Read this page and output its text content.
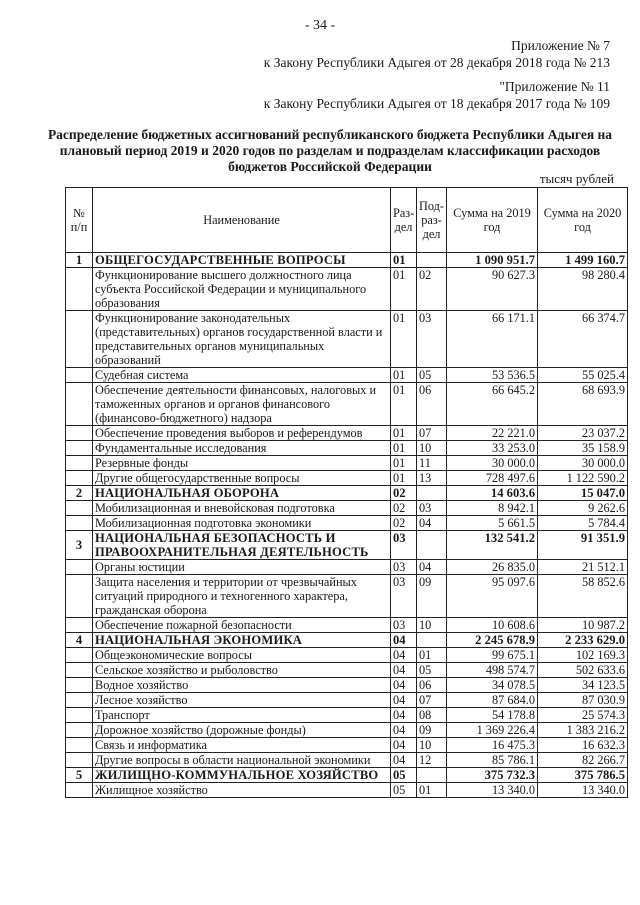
- 34 -
Приложение № 7
к Закону Республики Адыгея от 28 декабря 2018 года № 213
"Приложение № 11
к Закону Республики Адыгея от 18 декабря 2017 года № 109
Распределение бюджетных ассигнований республиканского бюджета Республики Адыгея на плановый период 2019 и 2020 годов по разделам и подразделам классификации расходов бюджетов Российской Федерации
тысяч рублей
№ п/п	Наименование	Раз-дел	Под-раз-дел	Сумма на 2019 год	Сумма на 2020 год
1	ОБЩЕГОСУДАРСТВЕННЫЕ ВОПРОСЫ	01		1 090 951.7	1 499 160.7
	Функционирование высшего должностного лица субъекта Российской Федерации и муниципального образования	01	02	90 627.3	98 280.4
	Функционирование законодательных (представительных) органов государственной власти и представительных органов муниципальных образований	01	03	66 171.1	66 374.7
	Судебная система	01	05	53 536.5	55 025.4
	Обеспечение деятельности финансовых, налоговых и таможенных органов и органов финансового (финансово-бюджетного) надзора	01	06	66 645.2	68 693.9
	Обеспечение проведения выборов и референдумов	01	07	22 221.0	23 037.2
	Фундаментальные исследования	01	10	33 253.0	35 158.9
	Резервные фонды	01	11	30 000.0	30 000.0
	Другие общегосударственные вопросы	01	13	728 497.6	1 122 590.2
2	НАЦИОНАЛЬНАЯ ОБОРОНА	02		14 603.6	15 047.0
	Мобилизационная и вневойсковая подготовка	02	03	8 942.1	9 262.6
	Мобилизационная подготовка экономики	02	04	5 661.5	5 784.4
3	НАЦИОНАЛЬНАЯ БЕЗОПАСНОСТЬ И ПРАВООХРАНИТЕЛЬНАЯ ДЕЯТЕЛЬНОСТЬ	03		132 541.2	91 351.9
	Органы юстиции	03	04	26 835.0	21 512.1
	Защита населения и территории от чрезвычайных ситуаций природного и техногенного характера, гражданская оборона	03	09	95 097.6	58 852.6
	Обеспечение пожарной безопасности	03	10	10 608.6	10 987.2
4	НАЦИОНАЛЬНАЯ ЭКОНОМИКА	04		2 245 678.9	2 233 629.0
	Общеэкономические вопросы	04	01	99 675.1	102 169.3
	Сельское хозяйство и рыболовство	04	05	498 574.7	502 633.6
	Водное хозяйство	04	06	34 078.5	34 123.5
	Лесное хозяйство	04	07	87 684.0	87 030.9
	Транспорт	04	08	54 178.8	25 574.3
	Дорожное хозяйство (дорожные фонды)	04	09	1 369 226.4	1 383 216.2
	Связь и информатика	04	10	16 475.3	16 632.3
	Другие вопросы в области национальной экономики	04	12	85 786.1	82 266.7
5	ЖИЛИЩНО-КОММУНАЛЬНОЕ ХОЗЯЙСТВО	05		375 732.3	375 786.5
	Жилищное хозяйство	05	01	13 340.0	13 340.0
